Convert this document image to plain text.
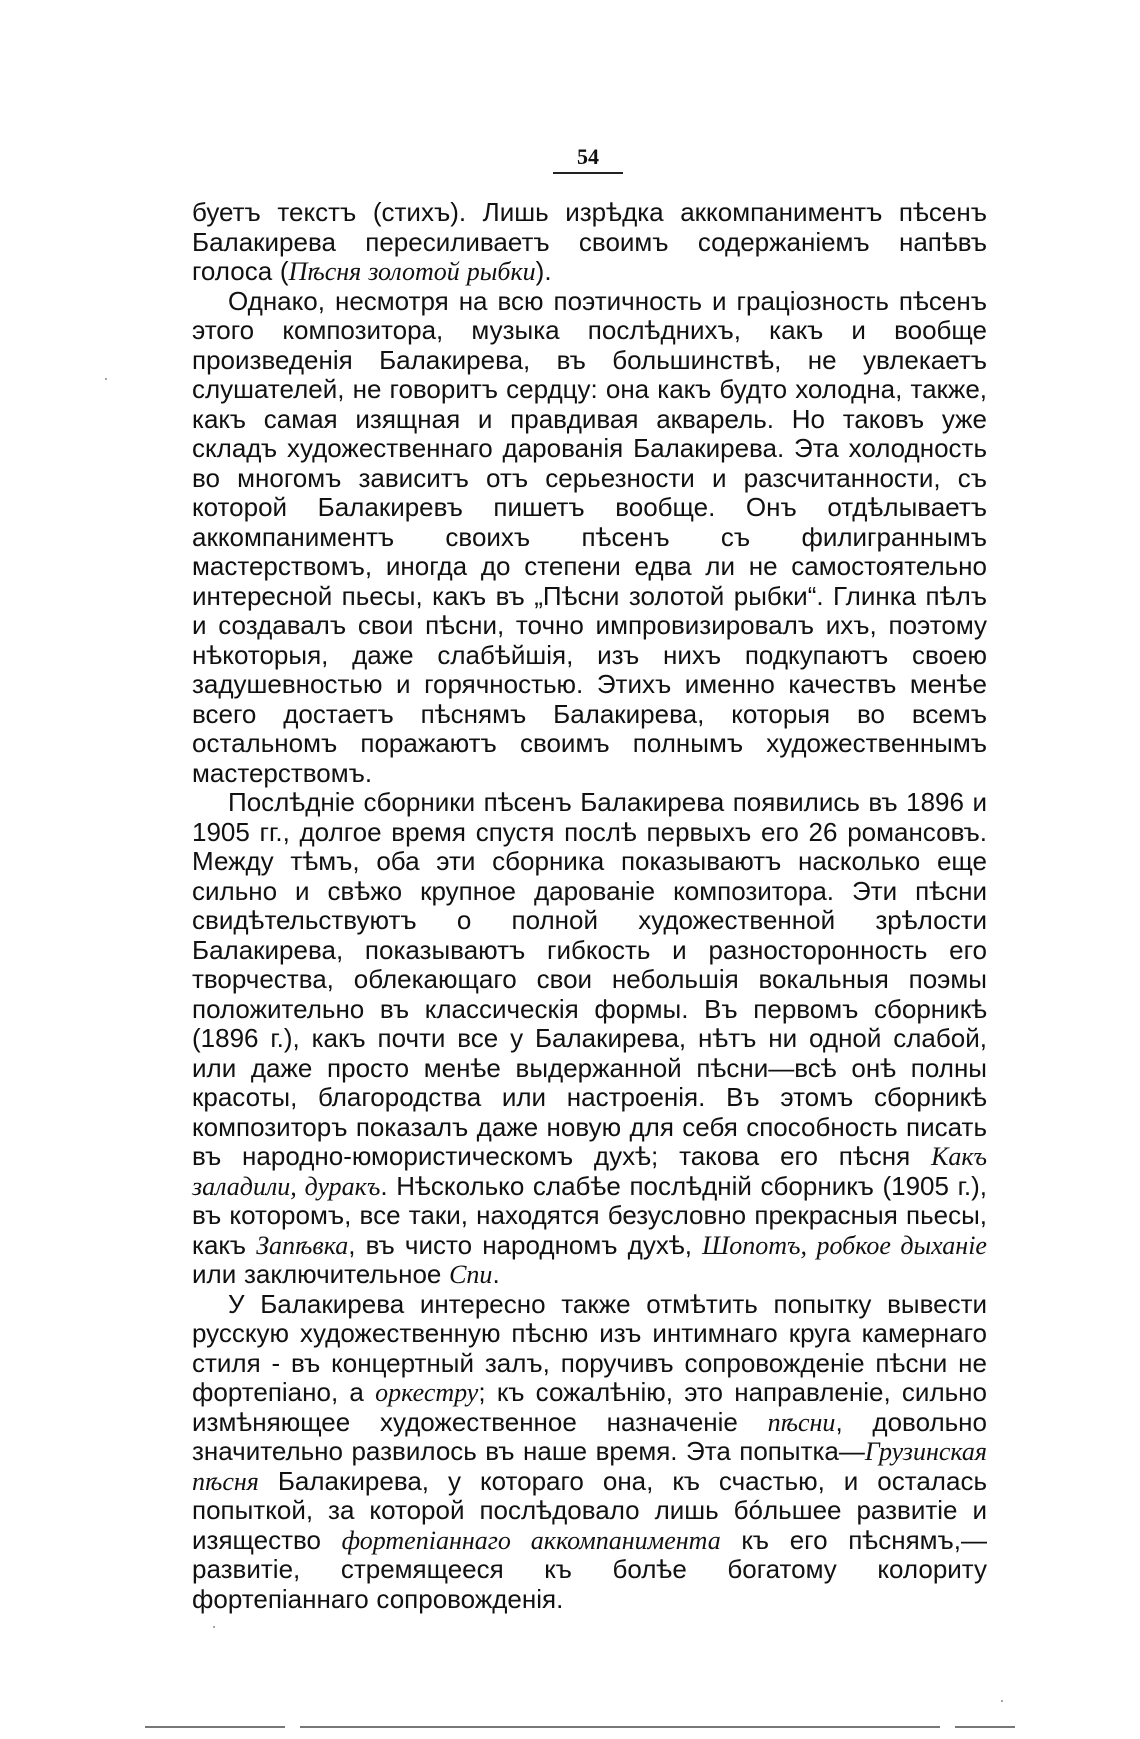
54

буетъ текстъ (стихъ). Лишь изрѣдка аккомпаниментъ пѣсенъ Балакирева пересиливаетъ своимъ содержаніемъ напѣвъ голоса (Пѣсня золотой рыбки).

Однако, несмотря на всю поэтичность и граціозность пѣсенъ этого композитора, музыка послѣднихъ, какъ и вообще произведенія Балакирева, въ большинствѣ, не увлекаетъ слушателей, не говоритъ сердцу: она какъ будто холодна, также, какъ самая изящная и правдивая акварель. Но таковъ уже складъ художественнаго дарованія Балакирева. Эта холодность во многомъ зависитъ отъ серьезности и разсчитанности, съ которой Балакиревъ пишетъ вообще. Онъ отдѣлываетъ аккомпаниментъ своихъ пѣсенъ съ филиграннымъ мастерствомъ, иногда до степени едва ли не самостоятельно интересной пьесы, какъ въ „Пѣсни золотой рыбки“. Глинка пѣлъ и создавалъ свои пѣсни, точно импровизировалъ ихъ, поэтому нѣкоторыя, даже слабѣйшія, изъ нихъ подкупаютъ своею задушевностью и горячностью. Этихъ именно качествъ менѣе всего достаетъ пѣснямъ Балакирева, которыя во всемъ остальномъ поражаютъ своимъ полнымъ художественнымъ мастерствомъ.

Послѣдніе сборники пѣсенъ Балакирева появились въ 1896 и 1905 гг., долгое время спустя послѣ первыхъ его 26 романсовъ. Между тѣмъ, оба эти сборника показываютъ насколько еще сильно и свѣжо крупное дарованіе композитора. Эти пѣсни свидѣтельствуютъ о полной художественной зрѣлости Балакирева, показываютъ гибкость и разносторонность его творчества, облекающаго свои небольшія вокальныя поэмы положительно въ классическія формы. Въ первомъ сборникѣ (1896 г.), какъ почти все у Балакирева, нѣтъ ни одной слабой, или даже просто менѣе выдержанной пѣсни—всѣ онѣ полны красоты, благородства или настроенія. Въ этомъ сборникѣ композиторъ показалъ даже новую для себя способность писать въ народно-юмористическомъ духѣ; такова его пѣсня Какъ заладили, дуракъ. Нѣсколько слабѣе послѣдній сборникъ (1905 г.), въ которомъ, все таки, находятся безусловно прекрасныя пьесы, какъ Запѣвка, въ чисто народномъ духѣ, Шопотъ, робкое дыханіе или заключительное Спи.

У Балакирева интересно также отмѣтить попытку вывести русскую художественную пѣсню изъ интимнаго круга камернаго стиля - въ концертный залъ, поручивъ сопровожденіе пѣсни не фортепіано, а оркестру; къ сожалѣнію, это направленіе, сильно измѣняющее художественное назначеніе пѣсни, довольно значительно развилось въ наше время. Эта попытка—Грузинская пѣсня Балакирева, у котораго она, къ счастью, и осталась попыткой, за которой послѣдовало лишь бóльшее развитіе и изящество фортепіаннаго аккомпанимента къ его пѣснямъ,—развитіе, стремящееся къ болѣе богатому колориту фортепіаннаго сопровожденія.
